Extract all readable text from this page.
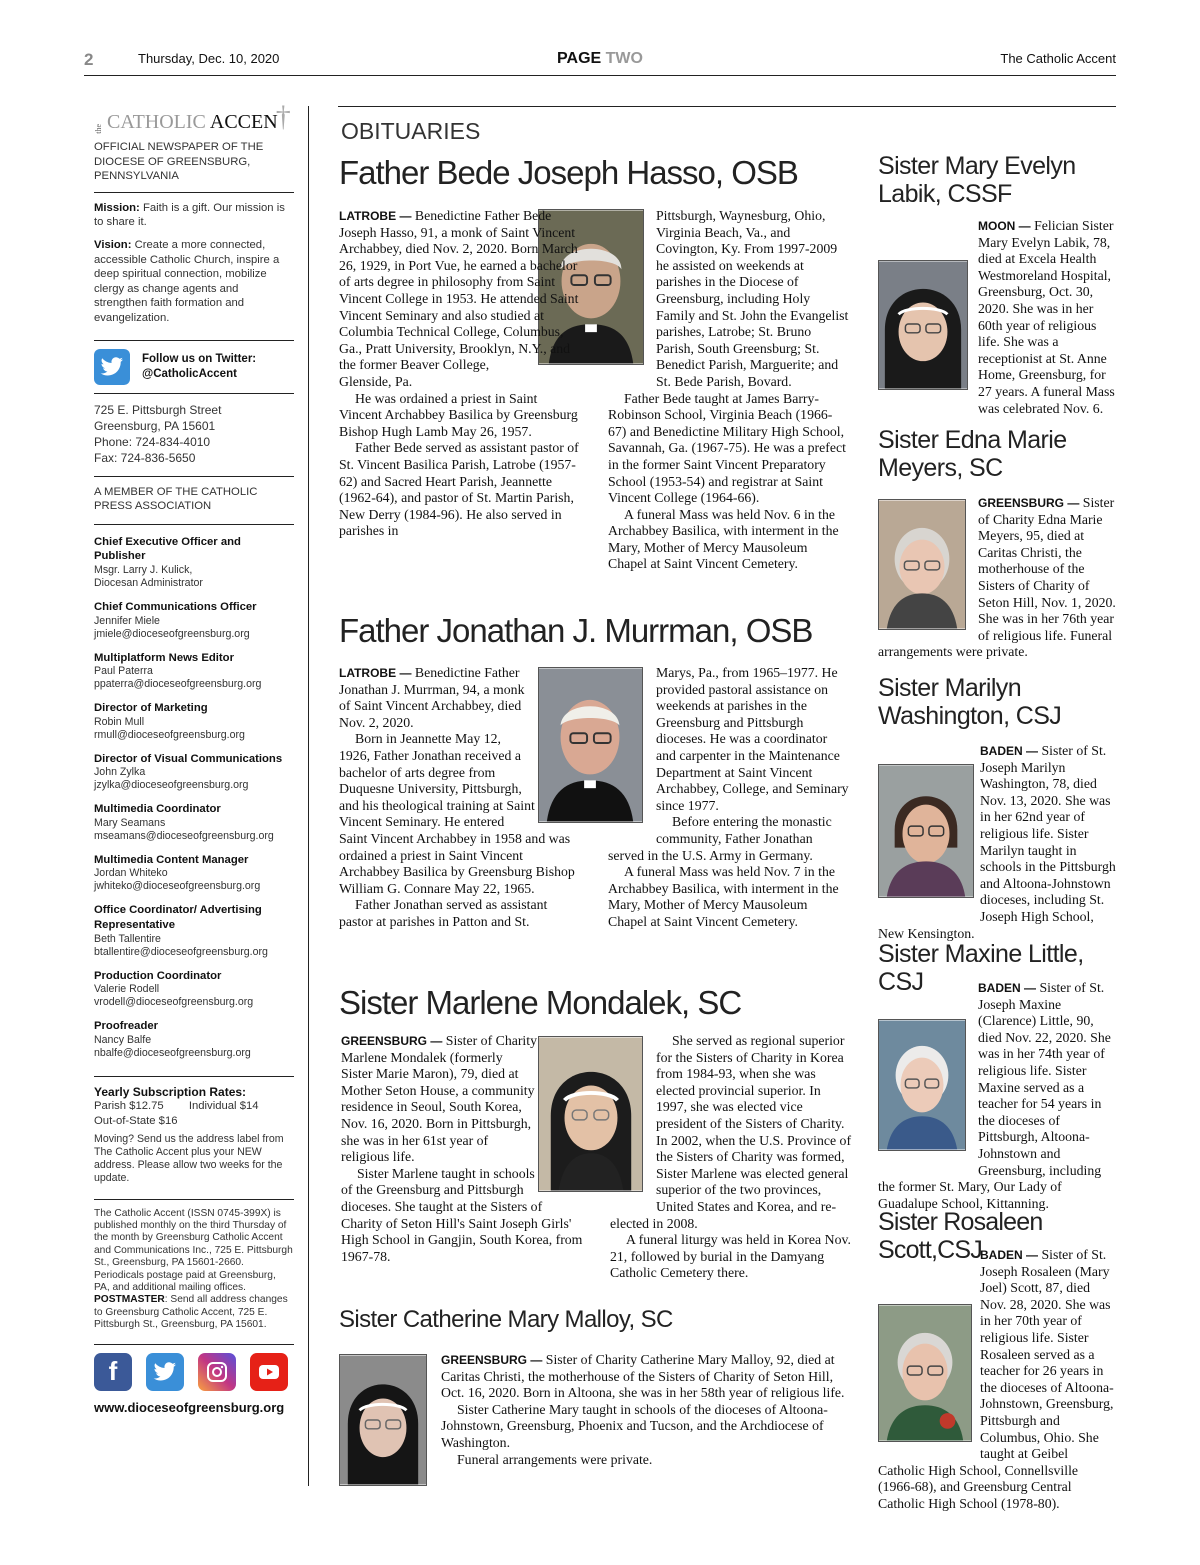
2	Thursday, Dec. 10, 2020	PAGE TWO	The Catholic Accent
the CATHOLIC ACCEN
†
OFFICIAL NEWSPAPER OF THE DIOCESE OF GREENSBURG, PENNSYLVANIA
Mission: Faith is a gift. Our mission is to share it.
Vision: Create a more connected, accessible Catholic Church, inspire a deep spiritual connection, mobilize clergy as change agents and strengthen faith formation and evangelization.
Follow us on Twitter:
@CatholicAccent
725 E. Pittsburgh Street
Greensburg, PA 15601
Phone: 724-834-4010
Fax: 724-836-5650
A MEMBER OF THE CATHOLIC PRESS ASSOCIATION
Chief Executive Officer and Publisher
Msgr. Larry J. Kulick,
Diocesan Administrator
Chief Communications Officer
Jennifer Miele
jmiele@dioceseofgreensburg.org
Multiplatform News Editor
Paul Paterra
ppaterra@dioceseofgreensburg.org
Director of Marketing
Robin Mull
rmull@dioceseofgreensburg.org
Director of Visual Communications
John Zylka
jzylka@dioceseofgreensburg.org
Multimedia Coordinator
Mary Seamans
mseamans@dioceseofgreensburg.org
Multimedia Content Manager
Jordan Whiteko
jwhiteko@dioceseofgreensburg.org
Office Coordinator/ Advertising Representative
Beth Tallentire
btallentire@dioceseofgreensburg.org
Production Coordinator
Valerie Rodell
vrodell@dioceseofgreensburg.org
Proofreader
Nancy Balfe
nbalfe@dioceseofgreensburg.org
Yearly Subscription Rates:
Parish $12.75 Individual $14
Out-of-State $16
Moving? Send us the address label from The Catholic Accent plus your NEW address. Please allow two weeks for the update.
The Catholic Accent (ISSN 0745-399X) is published monthly on the third Thursday of the month by Greensburg Catholic Accent and Communications Inc., 725 E. Pittsburgh St., Greensburg, PA 15601-2660. Periodicals postage paid at Greensburg, PA, and additional mailing offices. POSTMASTER: Send all address changes to Greensburg Catholic Accent, 725 E. Pittsburgh St., Greensburg, PA 15601.
f
www.dioceseofgreensburg.org
OBITUARIES
Father Bede Joseph Hasso, OSB

LATROBE — Benedictine Father Bede Joseph Hasso, 91, a monk of Saint Vincent Archabbey, died Nov. 2, 2020. Born March 26, 1929, in Port Vue, he earned a bachelor of arts degree in philosophy from Saint Vincent College in 1953. He attended Saint Vincent Seminary and also studied at Columbia Technical College, Columbus, Ga., Pratt University, Brooklyn, N.Y., and the former Beaver College, Glenside, Pa.

He was ordained a priest in Saint Vincent Archabbey Basilica by Greensburg Bishop Hugh Lamb May 26, 1957.

Father Bede served as assistant pastor of St. Vincent Basilica Parish, Latrobe (1957-62) and Sacred Heart Parish, Jeannette (1962-64), and pastor of St. Martin Parish, New Derry (1984-96). He also served in parishes in

Pittsburgh, Waynesburg, Ohio, Virginia Beach, Va., and Covington, Ky. From 1997-2009 he assisted on weekends at parishes in the Diocese of Greensburg, including Holy Family and St. John the Evangelist parishes, Latrobe; St. Bruno Parish, South Greensburg; St. Benedict Parish, Marguerite; and St. Bede Parish, Bovard.

Father Bede taught at James Barry-Robinson School, Virginia Beach (1966-67) and Benedictine Military High School, Savannah, Ga. (1967-75). He was a prefect in the former Saint Vincent Preparatory School (1953-54) and registrar at Saint Vincent College (1964-66).

A funeral Mass was held Nov. 6 in the Archabbey Basilica, with interment in the Mary, Mother of Mercy Mausoleum Chapel at Saint Vincent Cemetery.

Father Jonathan J. Murrman, OSB

LATROBE — Benedictine Father Jonathan J. Murrman, 94, a monk of Saint Vincent Archabbey, died Nov. 2, 2020.

Born in Jeannette May 12, 1926, Father Jonathan received a bachelor of arts degree from Duquesne University, Pittsburgh, and his theological training at Saint Vincent Seminary. He entered Saint Vincent Archabbey in 1958 and was ordained a priest in Saint Vincent Archabbey Basilica by Greensburg Bishop William G. Connare May 22, 1965.

Father Jonathan served as assistant pastor at parishes in Patton and St.

Marys, Pa., from 1965–1977. He provided pastoral assistance on weekends at parishes in the Greensburg and Pittsburgh dioceses. He was a coordinator and carpenter in the Maintenance Department at Saint Vincent Archabbey, College, and Seminary since 1977.

Before entering the monastic community, Father Jonathan served in the U.S. Army in Germany.

A funeral Mass was held Nov. 7 in the Archabbey Basilica, with interment in the Mary, Mother of Mercy Mausoleum Chapel at Saint Vincent Cemetery.

Sister Marlene Mondalek, SC

GREENSBURG — Sister of Charity Marlene Mondalek (formerly Sister Marie Maron), 79, died at Mother Seton House, a community residence in Seoul, South Korea, Nov. 16, 2020. Born in Pittsburgh, she was in her 61st year of religious life.

Sister Marlene taught in schools of the Greensburg and Pittsburgh dioceses. She taught at the Sisters of Charity of Seton Hill's Saint Joseph Girls' High School in Gangjin, South Korea, from 1967-78.

She served as regional superior for the Sisters of Charity in Korea from 1984-93, when she was elected provincial superior. In 1997, she was elected vice president of the Sisters of Charity. In 2002, when the U.S. Province of the Sisters of Charity was formed, Sister Marlene was elected general superior of the two provinces, United States and Korea, and re-elected in 2008.

A funeral liturgy was held in Korea Nov. 21, followed by burial in the Damyang Catholic Cemetery there.

Sister Catherine Mary Malloy, SC

GREENSBURG — Sister of Charity Catherine Mary Malloy, 92, died at Caritas Christi, the motherhouse of the Sisters of Charity of Seton Hill, Oct. 16, 2020. Born in Altoona, she was in her 58th year of religious life.

Sister Catherine Mary taught in schools of the dioceses of Altoona-Johnstown, Greensburg, Phoenix and Tucson, and the Archdiocese of Washington.

Funeral arrangements were private.

Sister Mary Evelyn
Labik, CSSF

MOON — Felician Sister Mary Evelyn Labik, 78, died at Excela Health Westmoreland Hospital, Greensburg, Oct. 30, 2020. She was in her 60th year of religious life. She was a receptionist at St. Anne Home, Greensburg, for 27 years. A funeral Mass was celebrated Nov. 6.

Sister Edna Marie
Meyers, SC

GREENSBURG — Sister of Charity Edna Marie Meyers, 95, died at Caritas Christi, the motherhouse of the Sisters of Charity of Seton Hill, Nov. 1, 2020. She was in her 76th year of religious life. Funeral arrangements were private.

Sister Marilyn
Washington, CSJ

BADEN — Sister of St. Joseph Marilyn Washington, 78, died Nov. 13, 2020. She was in her 62nd year of religious life. Sister Marilyn taught in schools in the Pittsburgh and Altoona-Johnstown dioceses, including St. Joseph High School, New Kensington.

Sister Maxine Little, CSJ	BADEN — Sister of St. Joseph Maxine (Clarence) Little, 90, died Nov. 22, 2020. She was in her 74th year of religious life. Sister Maxine served as a teacher for 54 years in the dioceses of Pittsburgh, Altoona-Johnstown and Greensburg, including the former St. Mary, Our Lady of Guadalupe School, Kittanning.

Sister Rosaleen Scott,CSJ

BADEN — Sister of St. Joseph Rosaleen (Mary Joel) Scott, 87, died Nov. 28, 2020. She was in her 70th year of religious life. Sister Rosaleen served as a teacher for 26 years in the dioceses of Altoona-Johnstown, Greensburg, Pittsburgh and Columbus, Ohio. She taught at Geibel Catholic High School, Connellsville (1966-68), and Greensburg Central Catholic High School (1978-80).
